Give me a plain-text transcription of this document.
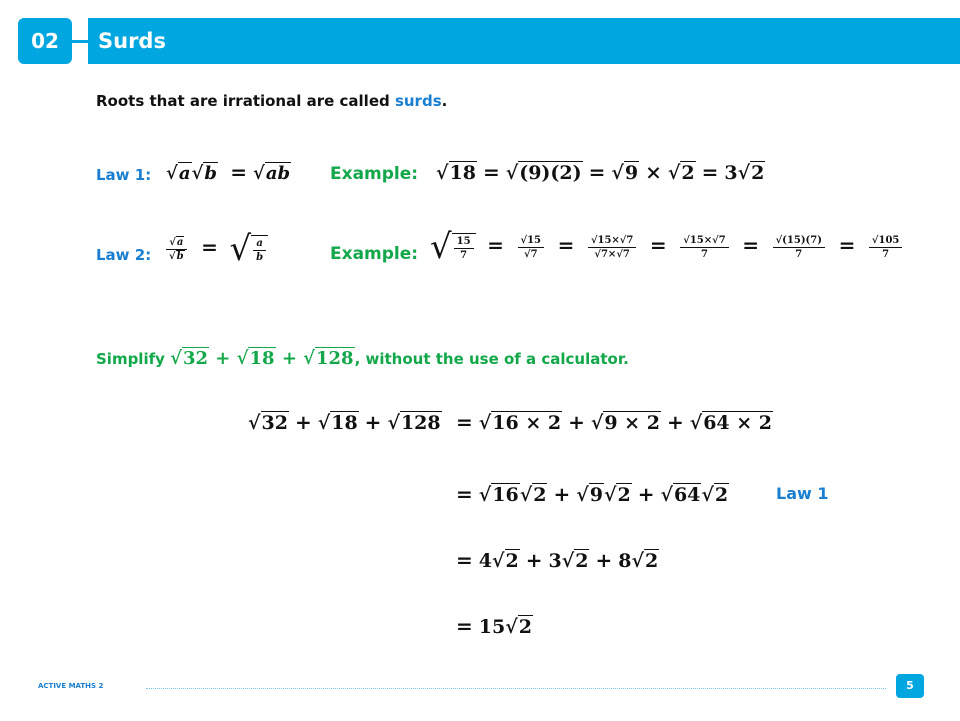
02	Surds
Roots that are irrational are called surds.
Law 1: √a√b = √ab Example: √18 = √(9)(2) = √9 × √2 = 3√2
Law 2: $\frac{√a}{√b}$ = √ $\frac{a}{b}$	Example: √ $\frac{15}{7} = \frac{√15}{√7} = \frac{√15\times√7}{√7\times√7} = \frac{√15\times√7}{7} = \frac{√(15)(7)}{7} = \frac{√105}{7}$
Simplify √32 + √18 + √128, without the use of a calculator.
√32 + √18 + √128 = √16 × 2 + √9 × 2 + √64 × 2
= √16√2 + √9√2 + √64√2	Law 1
= 4√2 + 3√2 + 8√2
= 15√2
ACTIVE MATHS 2	5
